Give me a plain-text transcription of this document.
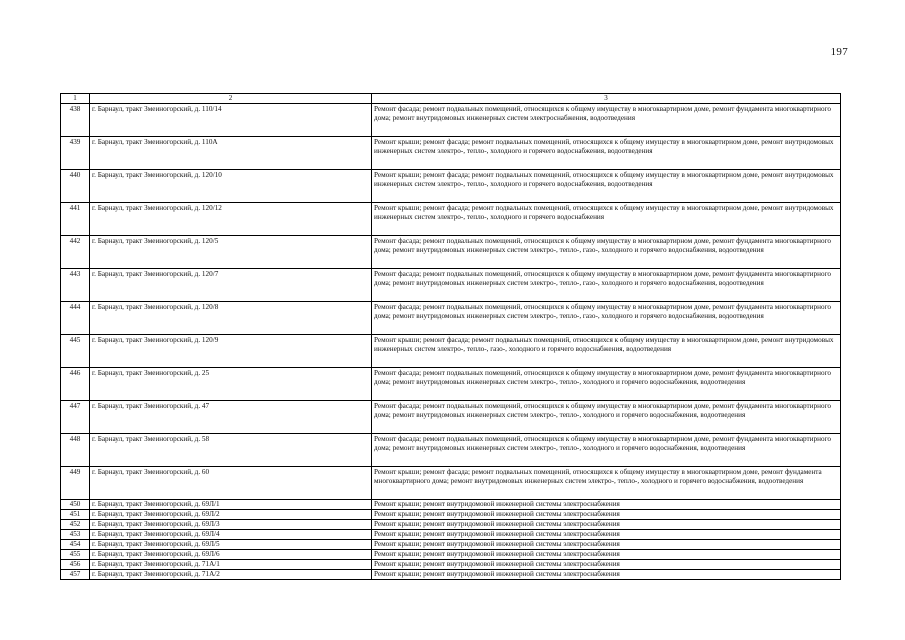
197
1	2	3
438	г. Барнаул, тракт Змеиногорский, д. 110/14	Ремонт фасада; ремонт подвальных помещений, относящихся к общему имуществу в многоквартирном доме, ремонт фундамента многоквартирного дома; ремонт внутридомовых инженерных систем электроснабжения, водоотведения
439	г. Барнаул, тракт Змеиногорский, д. 110А	Ремонт крыши; ремонт фасада; ремонт подвальных помещений, относящихся к общему имуществу в многоквартирном доме, ремонт внутридомовых инженерных систем электро-, тепло-, холодного и горячего водоснабжения, водоотведения
440	г. Барнаул, тракт Змеиногорский, д. 120/10	Ремонт крыши; ремонт фасада; ремонт подвальных помещений, относящихся к общему имуществу в многоквартирном доме, ремонт внутридомовых инженерных систем электро-, тепло-, холодного и горячего водоснабжения, водоотведения
441	г. Барнаул, тракт Змеиногорский, д. 120/12	Ремонт крыши; ремонт фасада; ремонт подвальных помещений, относящихся к общему имуществу в многоквартирном доме, ремонт внутридомовых инженерных систем электро-, тепло-, холодного и горячего водоснабжения
442	г. Барнаул, тракт Змеиногорский, д. 120/5	Ремонт фасада; ремонт подвальных помещений, относящихся к общему имуществу в многоквартирном доме, ремонт фундамента многоквартирного дома; ремонт внутридомовых инженерных систем электро-, тепло-, газо-, холодного и горячего водоснабжения, водоотведения
443	г. Барнаул, тракт Змеиногорский, д. 120/7	Ремонт фасада; ремонт подвальных помещений, относящихся к общему имуществу в многоквартирном доме, ремонт фундамента многоквартирного дома; ремонт внутридомовых инженерных систем электро-, тепло-, газо-, холодного и горячего водоснабжения, водоотведения
444	г. Барнаул, тракт Змеиногорский, д. 120/8	Ремонт фасада; ремонт подвальных помещений, относящихся к общему имуществу в многоквартирном доме, ремонт фундамента многоквартирного дома; ремонт внутридомовых инженерных систем электро-, тепло-, газо-, холодного и горячего водоснабжения, водоотведения
445	г. Барнаул, тракт Змеиногорский, д. 120/9	Ремонт крыши; ремонт фасада; ремонт подвальных помещений, относящихся к общему имуществу в многоквартирном доме, ремонт внутридомовых инженерных систем электро-, тепло-, газо-, холодного и горячего водоснабжения, водоотведения
446	г. Барнаул, тракт Змеиногорский, д. 25	Ремонт фасада; ремонт подвальных помещений, относящихся к общему имуществу в многоквартирном доме, ремонт фундамента многоквартирного дома; ремонт внутридомовых инженерных систем электро-, тепло-, холодного и горячего водоснабжения, водоотведения
447	г. Барнаул, тракт Змеиногорский, д. 47	Ремонт фасада; ремонт подвальных помещений, относящихся к общему имуществу в многоквартирном доме, ремонт фундамента многоквартирного дома; ремонт внутридомовых инженерных систем электро-, тепло-, холодного и горячего водоснабжения, водоотведения
448	г. Барнаул, тракт Змеиногорский, д. 58	Ремонт фасада; ремонт подвальных помещений, относящихся к общему имуществу в многоквартирном доме, ремонт фундамента многоквартирного дома; ремонт внутридомовых инженерных систем электро-, тепло-, холодного и горячего водоснабжения, водоотведения
449	г. Барнаул, тракт Змеиногорский, д. 60	Ремонт крыши; ремонт фасада; ремонт подвальных помещений, относящихся к общему имуществу в многоквартирном доме, ремонт фундамента многоквартирного дома; ремонт внутридомовых инженерных систем электро-, тепло-, холодного и горячего водоснабжения, водоотведения
450	г. Барнаул, тракт Змеиногорский, д. 69Л/1	Ремонт крыши; ремонт внутридомовой инженерной системы электроснабжения
451	г. Барнаул, тракт Змеиногорский, д. 69Л/2	Ремонт крыши; ремонт внутридомовой инженерной системы электроснабжения
452	г. Барнаул, тракт Змеиногорский, д. 69Л/3	Ремонт крыши; ремонт внутридомовой инженерной системы электроснабжения
453	г. Барнаул, тракт Змеиногорский, д. 69Л/4	Ремонт крыши; ремонт внутридомовой инженерной системы электроснабжения
454	г. Барнаул, тракт Змеиногорский, д. 69Л/5	Ремонт крыши; ремонт внутридомовой инженерной системы электроснабжения
455	г. Барнаул, тракт Змеиногорский, д. 69Л/6	Ремонт крыши; ремонт внутридомовой инженерной системы электроснабжения
456	г. Барнаул, тракт Змеиногорский, д. 71А/1	Ремонт крыши; ремонт внутридомовой инженерной системы электроснабжения
457	г. Барнаул, тракт Змеиногорский, д. 71А/2	Ремонт крыши; ремонт внутридомовой инженерной системы электроснабжения
